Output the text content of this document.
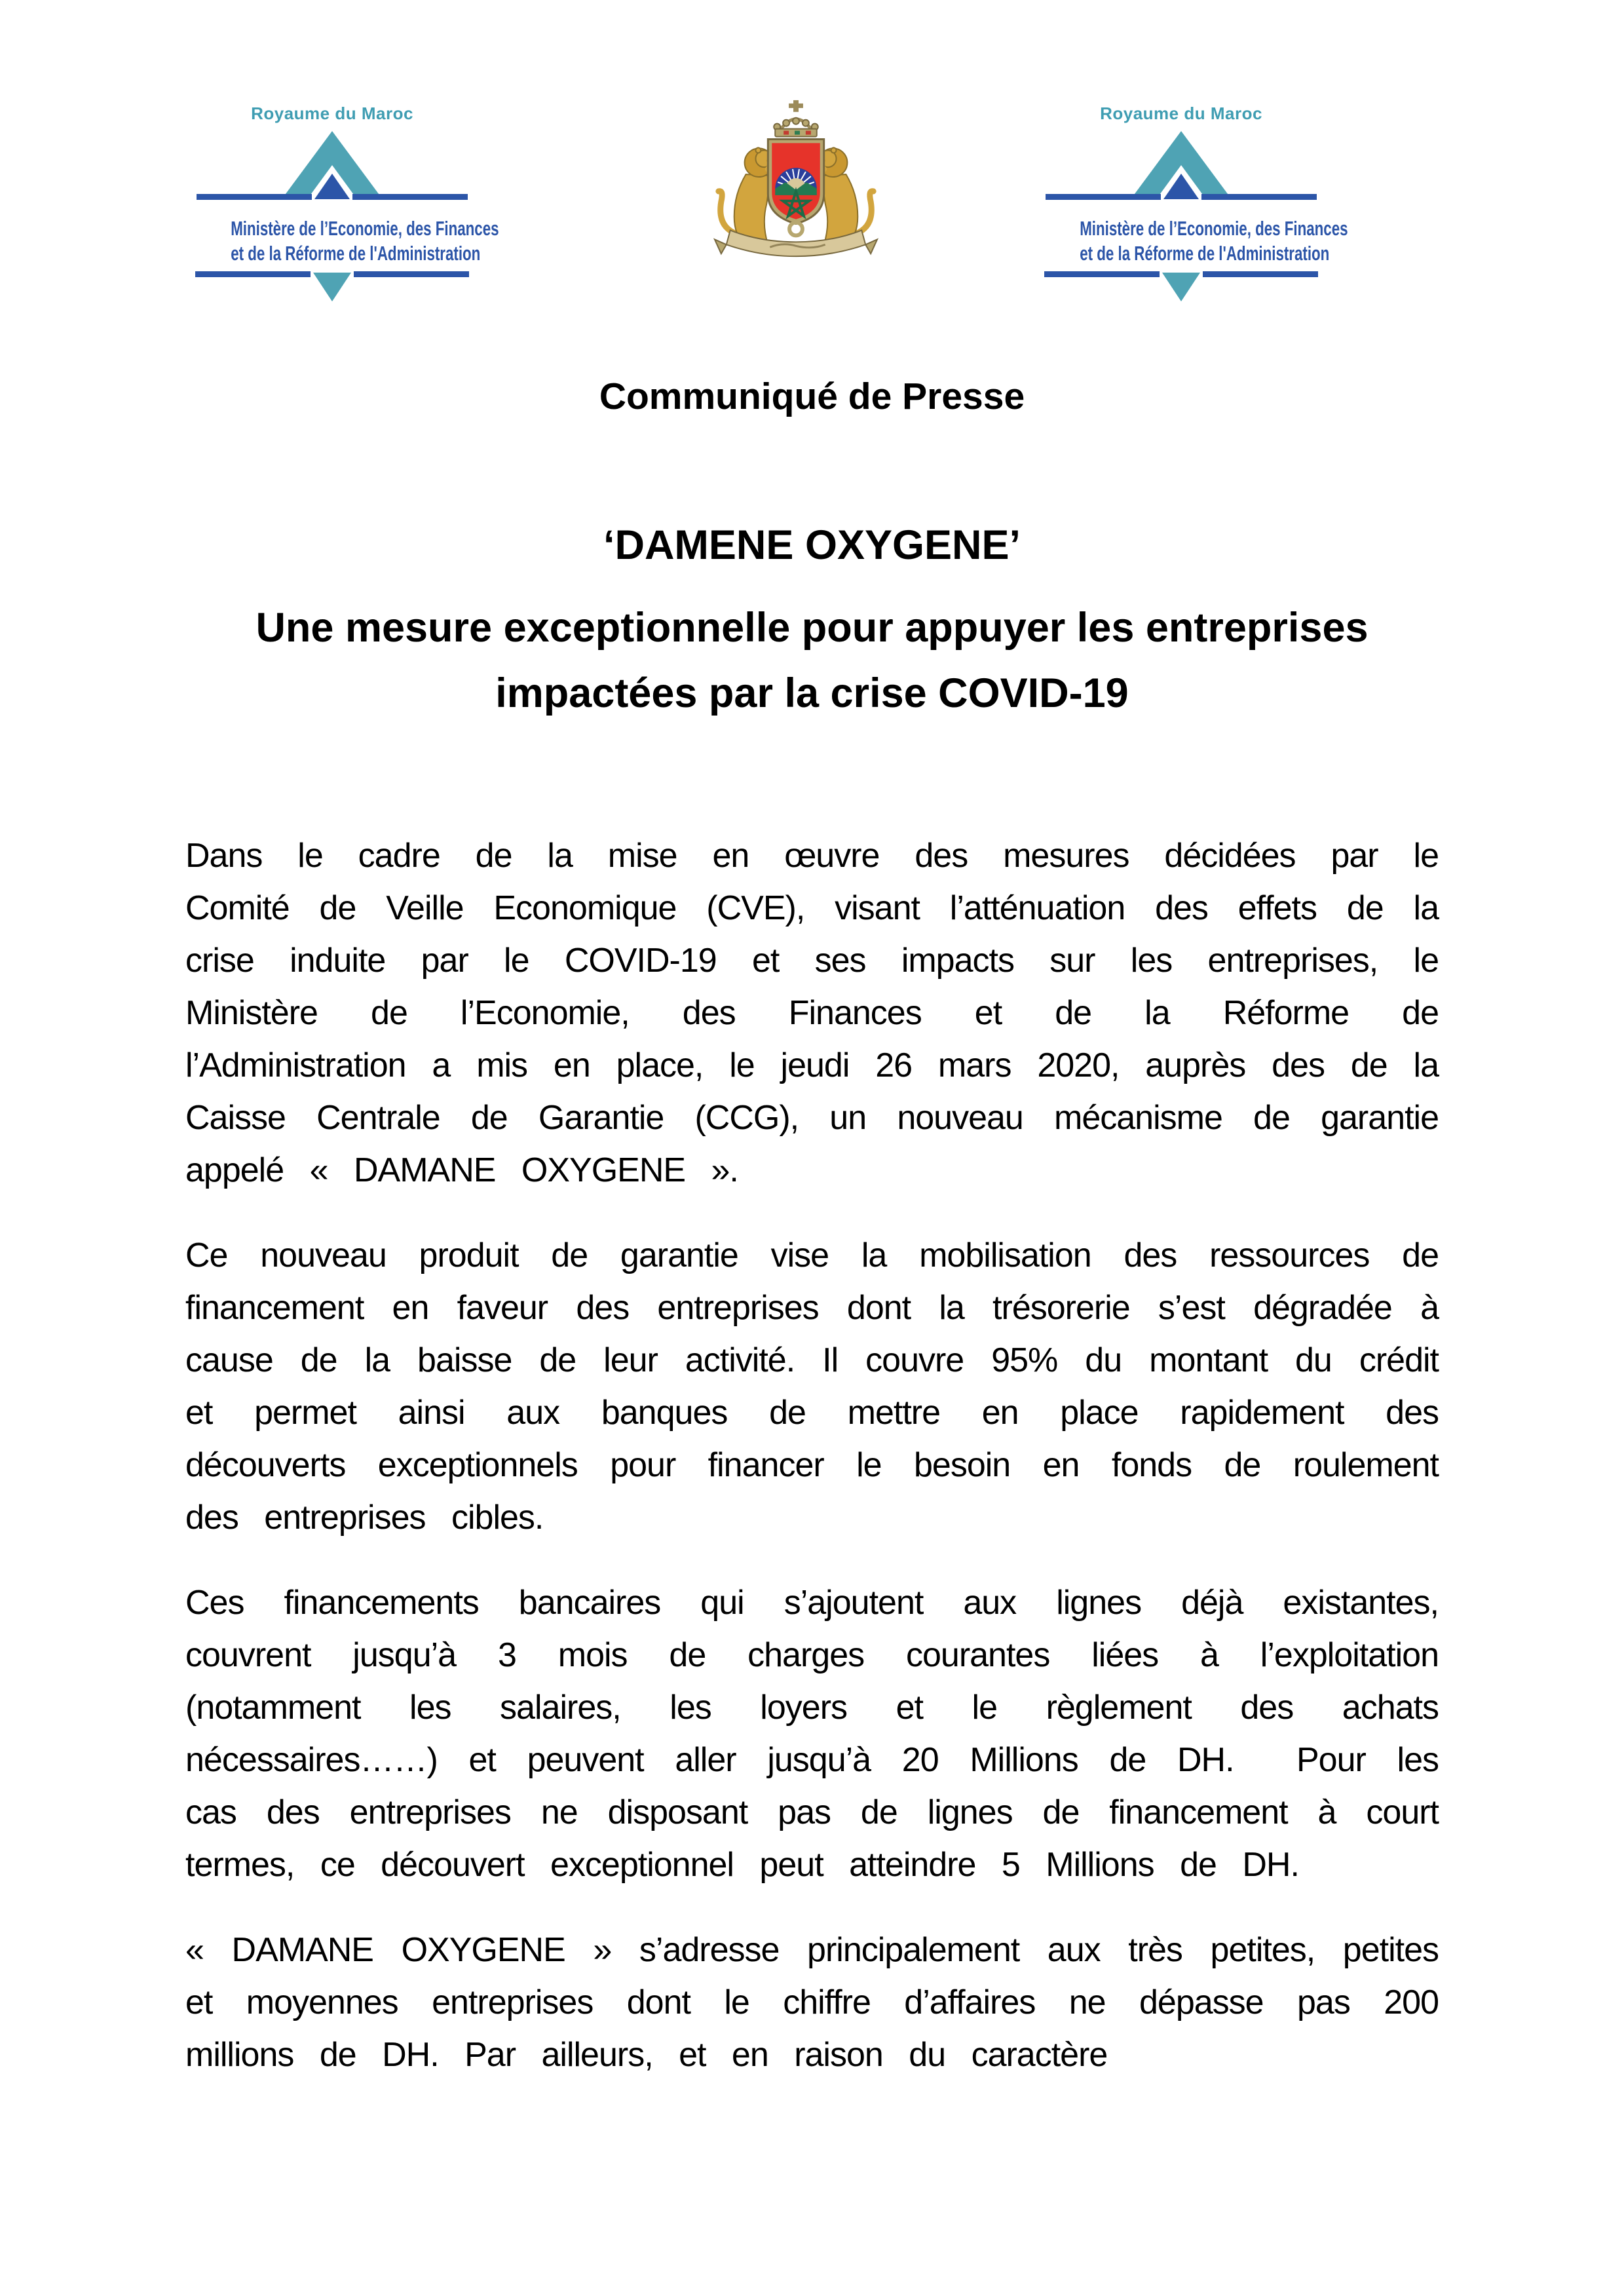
Royaume du Maroc
Ministère de l’Economie, des Finances
et de la Réforme de l'Administration
Royaume du Maroc
Ministère de l’Economie, des Finances
et de la Réforme de l'Administration
Communiqué de Presse
‘DAMENE OXYGENE’
Une mesure exceptionnelle pour appuyer les entreprises
impactées par la crise COVID-19

Dans le cadre de la mise en œuvre des mesures décidées par le Comité de Veille Economique (CVE), visant l’atténuation des effets de la crise induite par le COVID-19 et ses impacts sur les entreprises, le Ministère de l’Economie, des Finances et de la Réforme de l’Administration a mis en place, le jeudi 26 mars 2020, auprès des de la Caisse Centrale de Garantie (CCG), un nouveau mécanisme de garantie appelé « DAMANE OXYGENE ».

Ce nouveau produit de garantie vise la mobilisation des ressources de financement en faveur des entreprises dont la trésorerie s’est dégradée à cause de la baisse de leur activité. Il couvre 95% du montant du crédit et permet ainsi aux banques de mettre en place rapidement des découverts exceptionnels pour financer le besoin en fonds de roulement des entreprises cibles.

Ces financements bancaires qui s’ajoutent aux lignes déjà existantes, couvrent jusqu’à 3 mois de charges courantes liées à l’exploitation (notamment les salaires, les loyers et le règlement des achats nécessaires……) et peuvent aller jusqu’à 20 Millions de DH.  Pour les cas des entreprises ne disposant pas de lignes de financement à court termes, ce découvert exceptionnel peut atteindre 5 Millions de DH.

« DAMANE OXYGENE » s’adresse principalement aux très petites, petites et moyennes entreprises dont le chiffre d’affaires ne dépasse pas 200 millions de DH. Par ailleurs, et en raison du caractère
